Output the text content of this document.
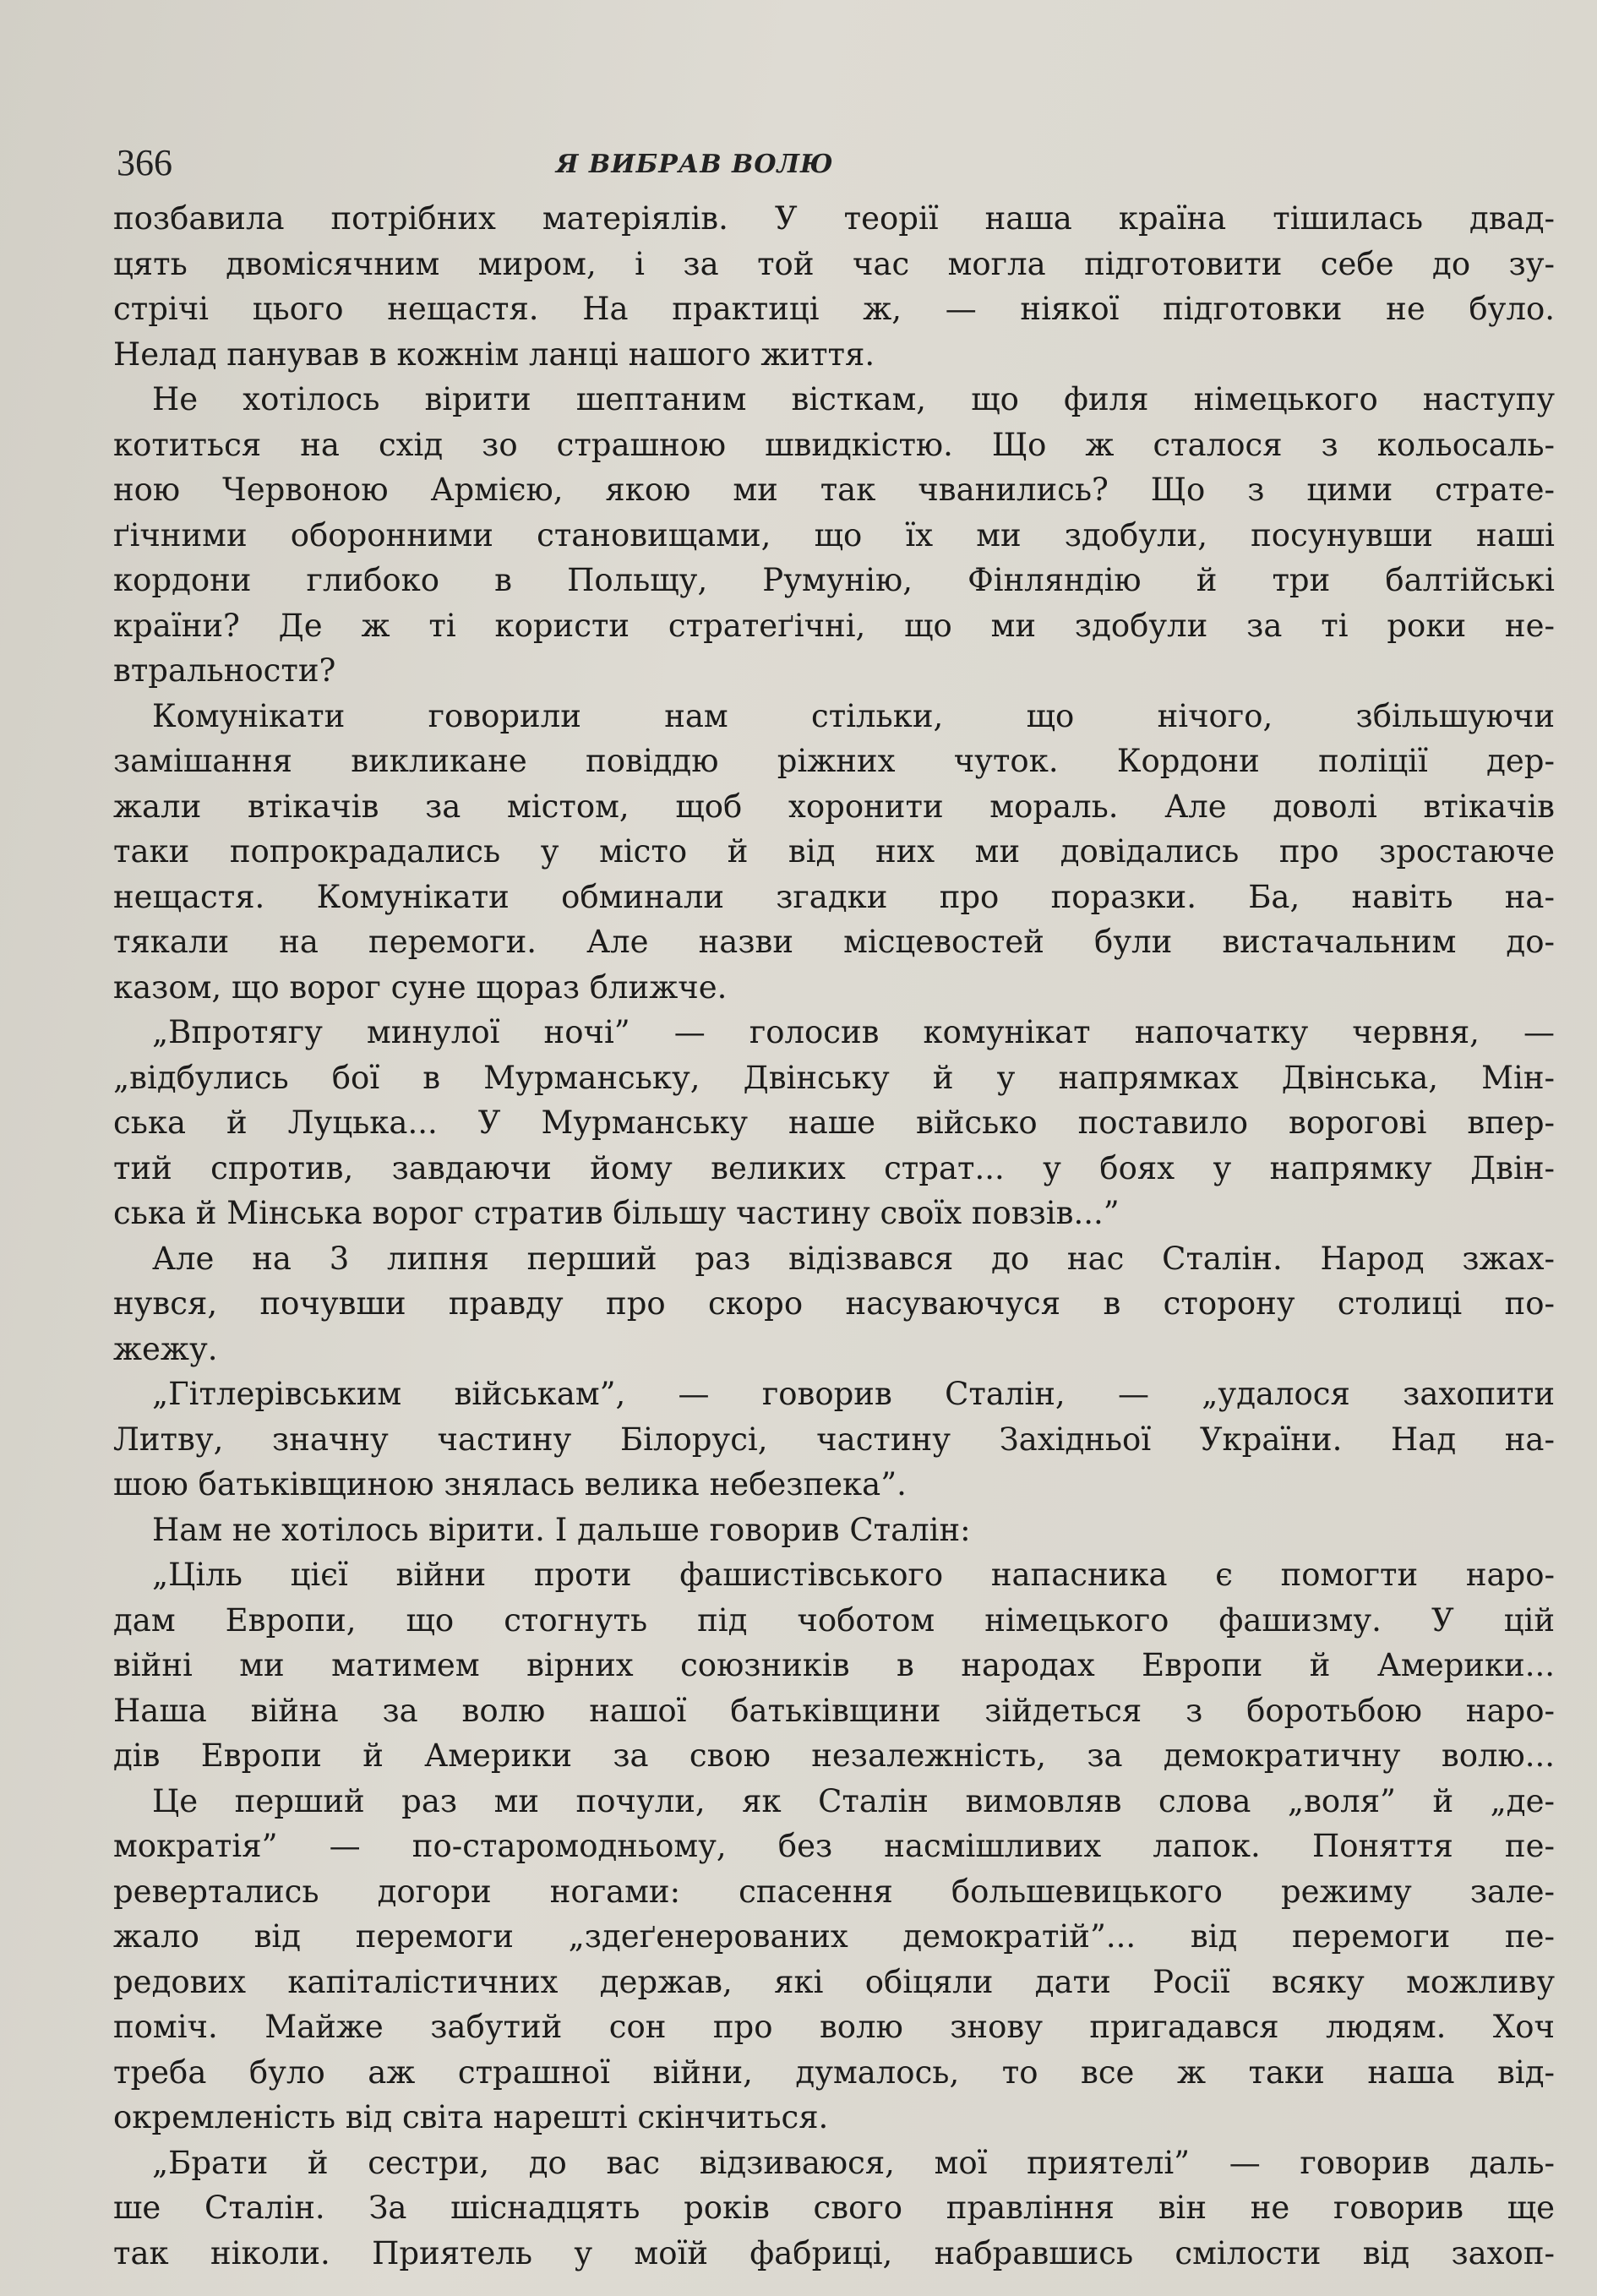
366	Я ВИБРАВ ВОЛЮ
позбавила потрібних матеріялів. У теорії наша країна тішилась двад-
цять двомісячним миром, і за той час могла підготовити себе до зу-
стрічі цього нещастя. На практиці ж, — ніякої підготовки не було.
Нелад панував в кожнім ланці нашого життя.
Не хотілось вірити шептаним вісткам, що филя німецького наступу
котиться на схід зо страшною швидкістю. Що ж сталося з кольосаль-
ною Червоною Армією, якою ми так чванились? Що з цими страте-
ґічними оборонними становищами, що їх ми здобули, посунувши наші
кордони глибоко в Польщу, Румунію, Фінляндію й три балтійські
країни? Де ж ті користи стратеґічні, що ми здобули за ті роки не-
втральности?
Комунікати говорили нам стільки, що нічого, збільшуючи
замішання викликане повіддю ріжних чуток. Кордони поліції дер-
жали втікачів за містом, щоб хоронити мораль. Але доволі втікачів
таки попрокрадались у місто й від них ми довідались про зростаюче
нещастя. Комунікати обминали згадки про поразки. Ба, навіть на-
тякали на перемоги. Але назви місцевостей були вистачальним до-
казом, що ворог суне щораз ближче.
„Впротягу минулої ночі” — голосив комунікат напочатку червня, —
„відбулись бої в Мурманську, Двінську й у напрямках Двінська, Мін-
ська й Луцька... У Мурманську наше військо поставило ворогові впер-
тий спротив, завдаючи йому великих страт... у боях у напрямку Двін-
ська й Мінська ворог стратив більшу частину своїх повзів...”
Але на 3 липня перший раз відізвався до нас Сталін. Народ зжах-
нувся, почувши правду про скоро насуваючуся в сторону столиці по-
жежу.
„Гітлерівським військам”, — говорив Сталін, — „удалося захопити
Литву, значну частину Білорусі, частину Західньої України. Над на-
шою батьківщиною знялась велика небезпека”.
Нам не хотілось вірити. І дальше говорив Сталін:
„Ціль цієї війни проти фашистівського напасника є помогти наро-
дам Европи, що стогнуть під чоботом німецького фашизму. У цій
війні ми матимем вірних союзників в народах Европи й Америки...
Наша війна за волю нашої батьківщини зійдеться з боротьбою наро-
дів Европи й Америки за свою незалежність, за демократичну волю...
Це перший раз ми почули, як Сталін вимовляв слова „воля” й „де-
мократія” — по-старомодньому, без насмішливих лапок. Поняття пе-
ревертались догори ногами: спасення большевицького режиму зале-
жало від перемоги „здеґенерованих демократій”... від перемоги пе-
редових капіталістичних держав, які обіцяли дати Росії всяку можливу
поміч. Майже забутий сон про волю знову пригадався людям. Хоч
треба було аж страшної війни, думалось, то все ж таки наша від-
окремленість від світа нарешті скінчиться.
„Брати й сестри, до вас відзиваюся, мої приятелі” — говорив даль-
ше Сталін. За шіснадцять років свого правління він не говорив ще
так ніколи. Приятель у моїй фабриці, набравшись смілости від захоп-
